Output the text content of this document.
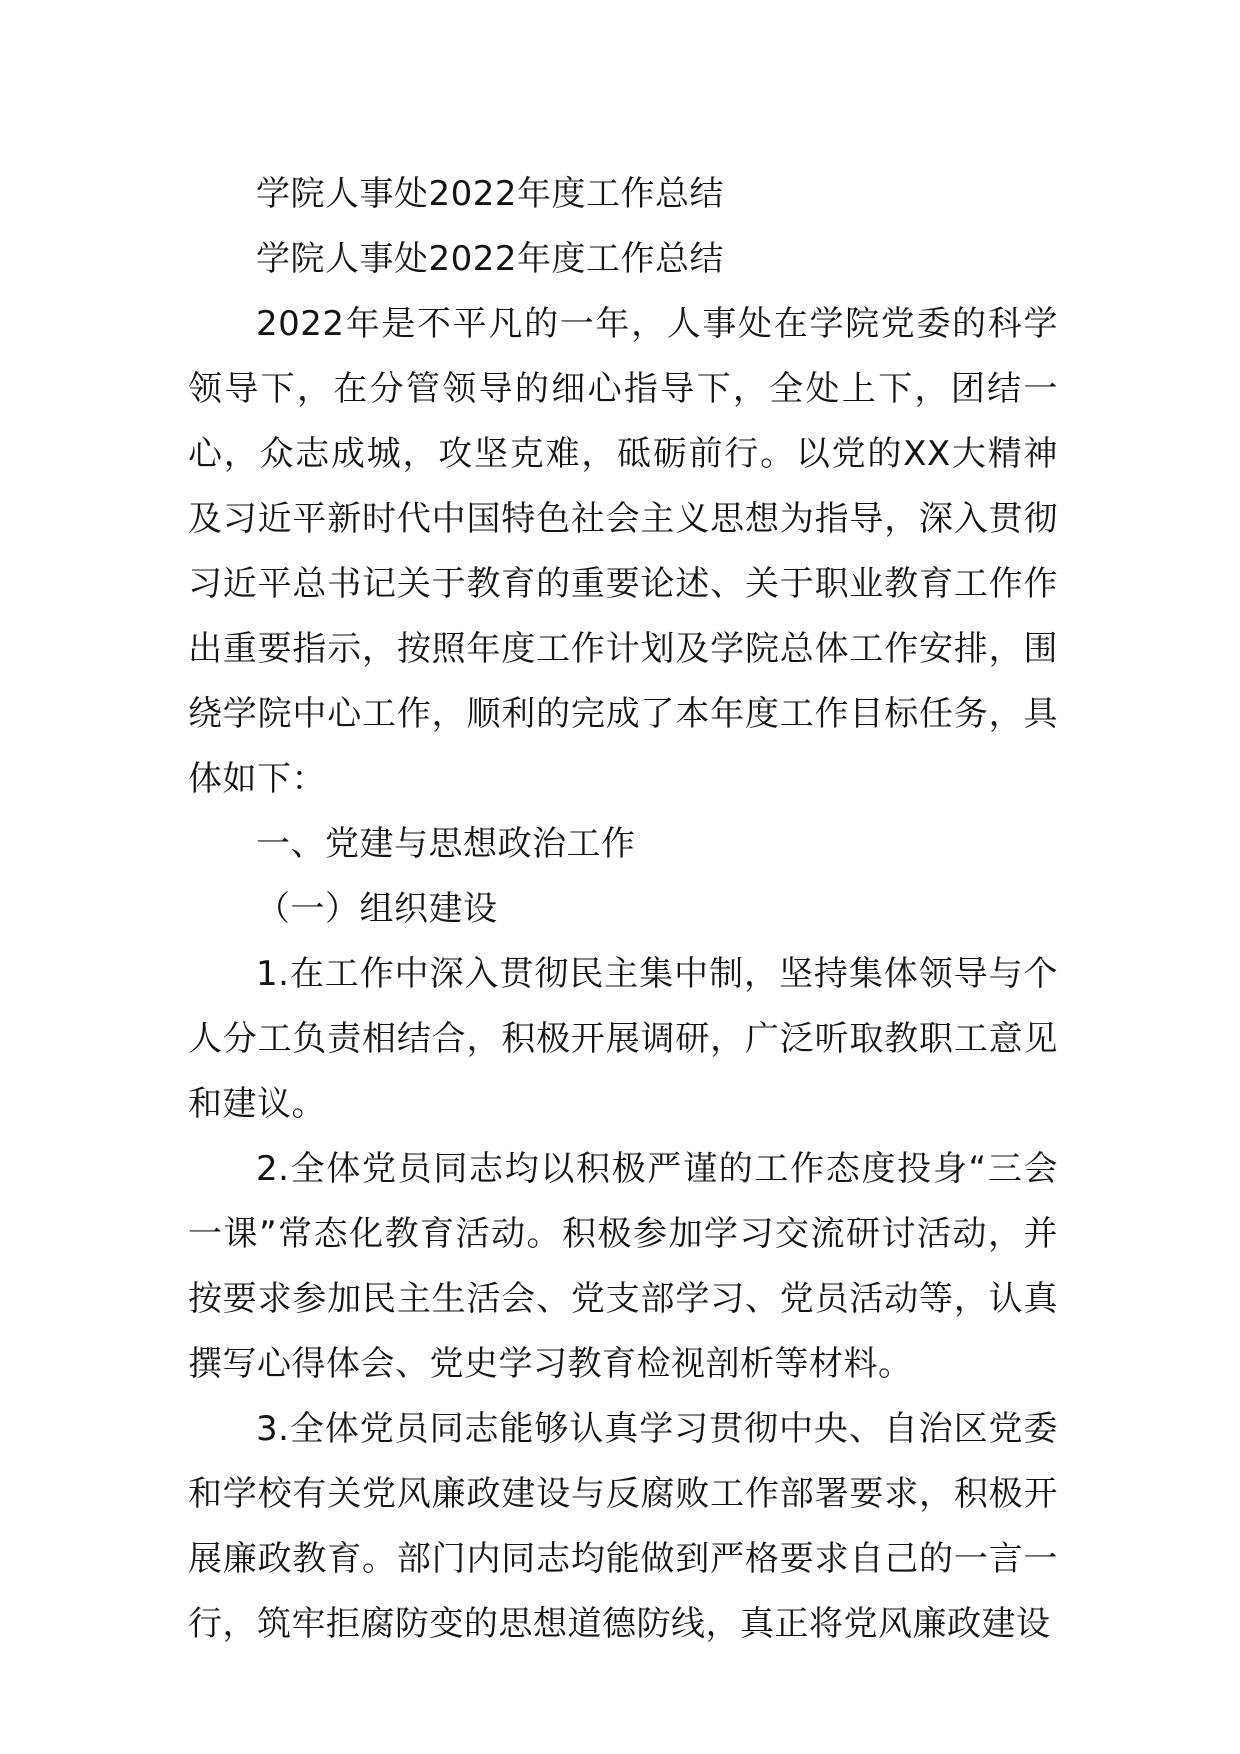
学院人事处2022年度工作总结

学院人事处2022年度工作总结

2022年是不平凡的一年，人事处在学院党委的科学领导下，在分管领导的细心指导下，全处上下，团结一心，众志成城，攻坚克难，砥砺前行。以党的XX大精神及习近平新时代中国特色社会主义思想为指导，深入贯彻习近平总书记关于教育的重要论述、关于职业教育工作作出重要指示，按照年度工作计划及学院总体工作安排，围绕学院中心工作，顺利的完成了本年度工作目标任务，具体如下：

一、党建与思想政治工作

（一）组织建设

1.在工作中深入贯彻民主集中制，坚持集体领导与个人分工负责相结合，积极开展调研，广泛听取教职工意见和建议。

2.全体党员同志均以积极严谨的工作态度投身“三会一课”常态化教育活动。积极参加学习交流研讨活动，并按要求参加民主生活会、党支部学习、党员活动等，认真撰写心得体会、党史学习教育检视剖析等材料。

3.全体党员同志能够认真学习贯彻中央、自治区党委和学校有关党风廉政建设与反腐败工作部署要求，积极开展廉政教育。部门内同志均能做到严格要求自己的一言一行，筑牢拒腐防变的思想道德防线，真正将党风廉政建设
